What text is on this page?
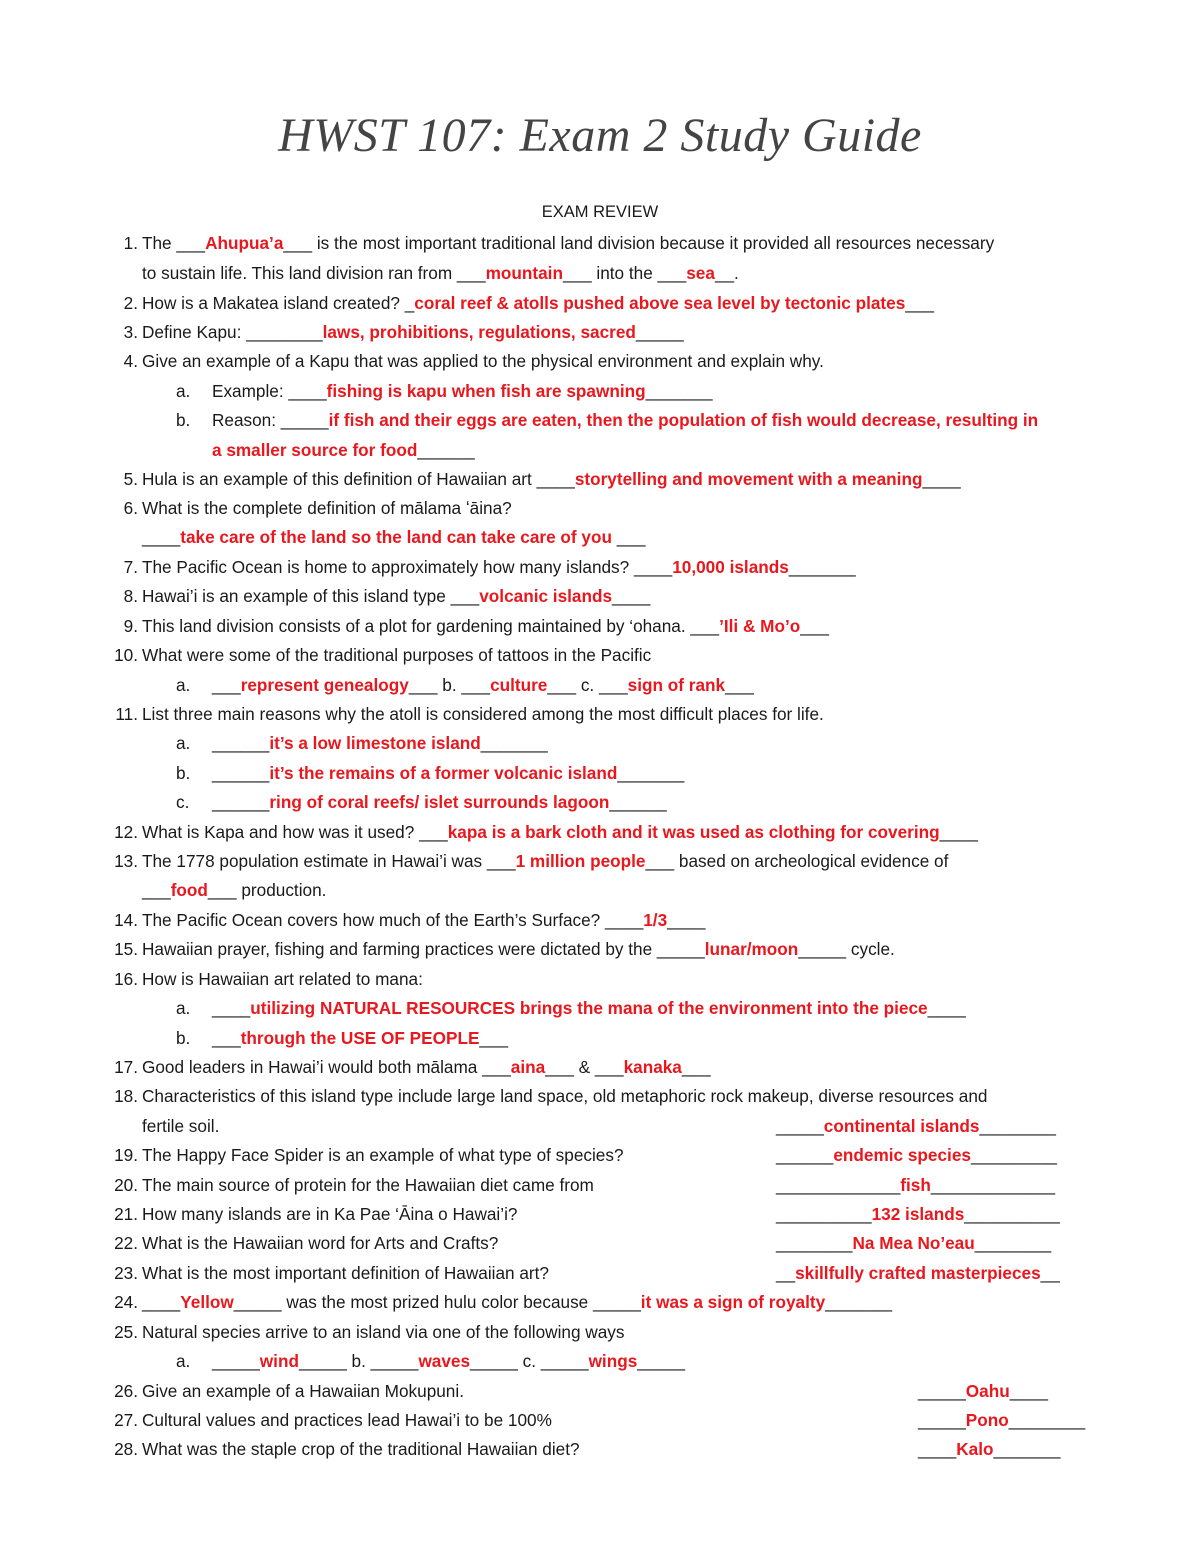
HWST 107: Exam 2 Study Guide
EXAM REVIEW
1. The ___Ahupua’a___ is the most important traditional land division because it provided all resources necessary
to sustain life. This land division ran from ___mountain___ into the ___sea__.
2. How is a Makatea island created? _coral reef & atolls pushed above sea level by tectonic plates___
3. Define Kapu: ________laws, prohibitions, regulations, sacred_____
4. Give an example of a Kapu that was applied to the physical environment and explain why.
a. Example: ____fishing is kapu when fish are spawning_______
b. Reason: _____if fish and their eggs are eaten, then the population of fish would decrease, resulting in
a smaller source for food______
5. Hula is an example of this definition of Hawaiian art ____storytelling and movement with a meaning____
6. What is the complete definition of mālama ʻāina?
____take care of the land so the land can take care of you ___
7. The Pacific Ocean is home to approximately how many islands? ____10,000 islands_______
8. Hawai’i is an example of this island type ___volcanic islands____
9. This land division consists of a plot for gardening maintained by ‘ohana. ___’Ili & Mo’o___
10. What were some of the traditional purposes of tattoos in the Pacific
a. ___represent genealogy___ b. ___culture___ c. ___sign of rank___
11. List three main reasons why the atoll is considered among the most difficult places for life.
a. ______it’s a low limestone island_______
b. ______it’s the remains of a former volcanic island_______
c. ______ring of coral reefs/ islet surrounds lagoon______
12. What is Kapa and how was it used? ___kapa is a bark cloth and it was used as clothing for covering____
13. The 1778 population estimate in Hawai’i was ___1 million people___ based on archeological evidence of
___food___ production.
14. The Pacific Ocean covers how much of the Earth’s Surface? ____1/3____
15. Hawaiian prayer, fishing and farming practices were dictated by the _____lunar/moon_____ cycle.
16. How is Hawaiian art related to mana:
a. ____utilizing NATURAL RESOURCES brings the mana of the environment into the piece____
b. ___through the USE OF PEOPLE___
17. Good leaders in Hawai’i would both mālama ___aina___ & ___kanaka___
18. Characteristics of this island type include large land space, old metaphoric rock makeup, diverse resources and
fertile soil.	_____continental islands________
19. The Happy Face Spider is an example of what type of species?	______endemic species_________
20. The main source of protein for the Hawaiian diet came from	_____________fish_____________
21. How many islands are in Ka Pae ‘Āina o Hawai’i?	__________132 islands__________
22. What is the Hawaiian word for Arts and Crafts?	________Na Mea No’eau________
23. What is the most important definition of Hawaiian art?	__skillfully crafted masterpieces__
24. ____Yellow_____ was the most prized hulu color because _____it was a sign of royalty_______
25. Natural species arrive to an island via one of the following ways
a. _____wind_____ b. _____waves_____ c. _____wings_____
26. Give an example of a Hawaiian Mokupuni.	_____Oahu____
27. Cultural values and practices lead Hawai’i to be 100%	_____Pono________
28. What was the staple crop of the traditional Hawaiian diet?	____Kalo_______
